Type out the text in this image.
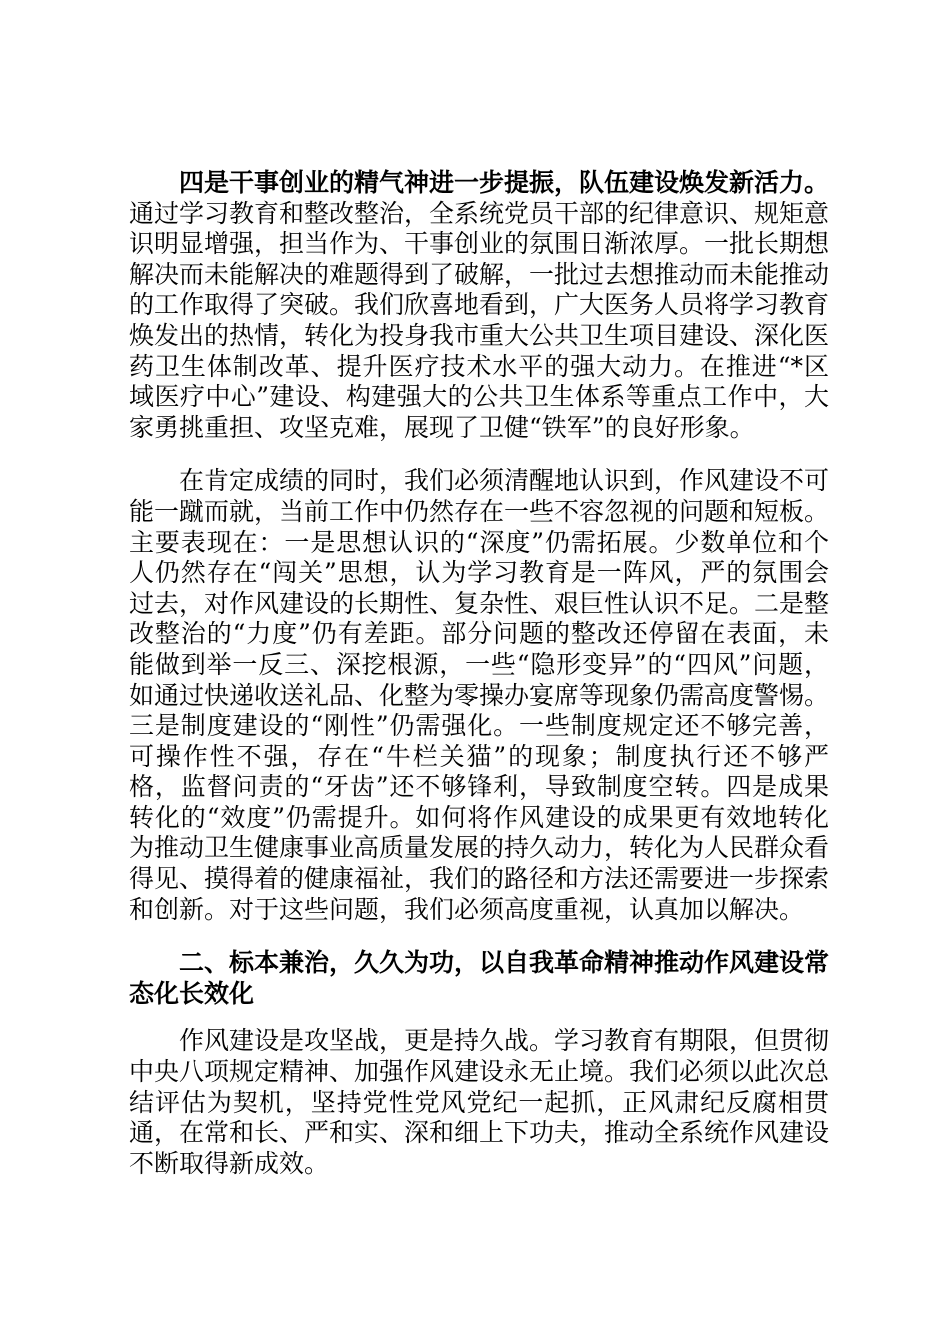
四是干事创业的精气神进一步提振，队伍建设焕发新活力。通过学习教育和整改整治，全系统党员干部的纪律意识、规矩意识明显增强，担当作为、干事创业的氛围日渐浓厚。一批长期想解决而未能解决的难题得到了破解，一批过去想推动而未能推动的工作取得了突破。我们欣喜地看到，广大医务人员将学习教育焕发出的热情，转化为投身我市重大公共卫生项目建设、深化医药卫生体制改革、提升医疗技术水平的强大动力。在推进“*区域医疗中心”建设、构建强大的公共卫生体系等重点工作中，大家勇挑重担、攻坚克难，展现了卫健“铁军”的良好形象。

在肯定成绩的同时，我们必须清醒地认识到，作风建设不可能一蹴而就，当前工作中仍然存在一些不容忽视的问题和短板。主要表现在：一是思想认识的“深度”仍需拓展。少数单位和个人仍然存在“闯关”思想，认为学习教育是一阵风，严的氛围会过去，对作风建设的长期性、复杂性、艰巨性认识不足。二是整改整治的“力度”仍有差距。部分问题的整改还停留在表面，未能做到举一反三、深挖根源，一些“隐形变异”的“四风”问题，如通过快递收送礼品、化整为零操办宴席等现象仍需高度警惕。三是制度建设的“刚性”仍需强化。一些制度规定还不够完善，可操作性不强，存在“牛栏关猫”的现象；制度执行还不够严格，监督问责的“牙齿”还不够锋利，导致制度空转。四是成果转化的“效度”仍需提升。如何将作风建设的成果更有效地转化为推动卫生健康事业高质量发展的持久动力，转化为人民群众看得见、摸得着的健康福祉，我们的路径和方法还需要进一步探索和创新。对于这些问题，我们必须高度重视，认真加以解决。

二、标本兼治，久久为功，以自我革命精神推动作风建设常态化长效化

作风建设是攻坚战，更是持久战。学习教育有期限，但贯彻中央八项规定精神、加强作风建设永无止境。我们必须以此次总结评估为契机，坚持党性党风党纪一起抓，正风肃纪反腐相贯通，在常和长、严和实、深和细上下功夫，推动全系统作风建设不断取得新成效。
